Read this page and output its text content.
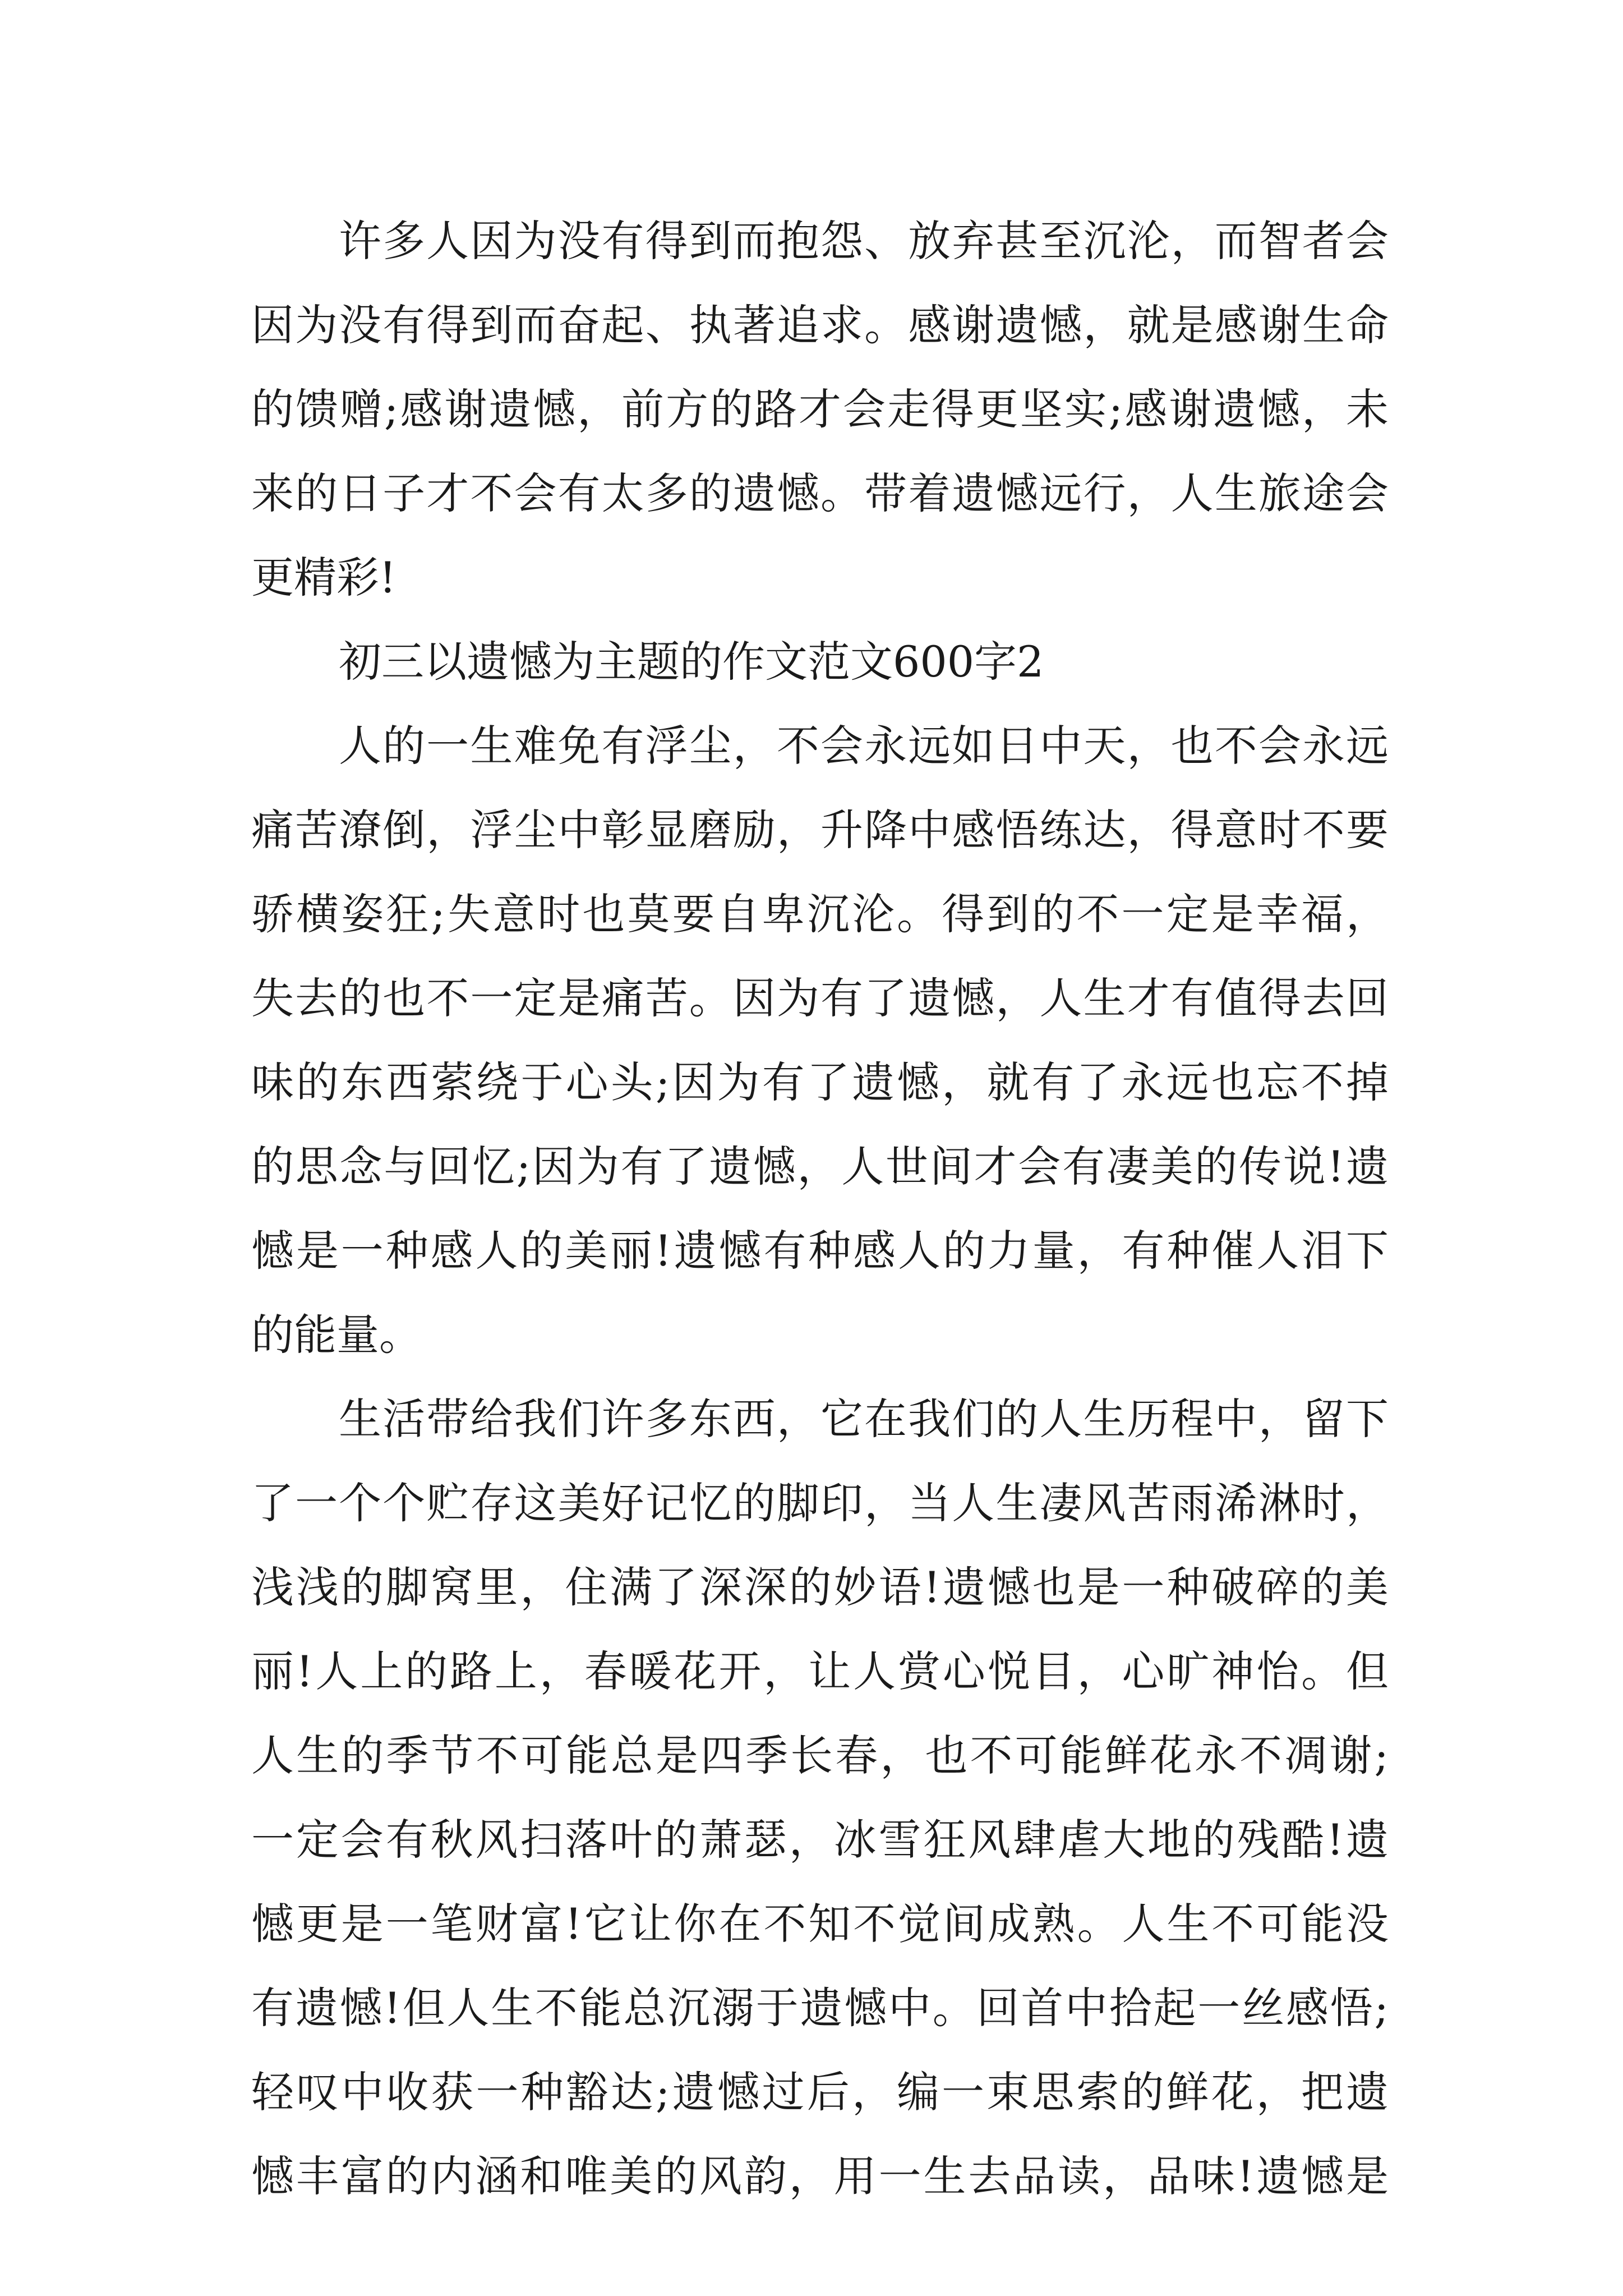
许多人因为没有得到而抱怨、放弃甚至沉沦，而智者会
因为没有得到而奋起、执著追求。感谢遗憾，就是感谢生命
的馈赠;感谢遗憾，前方的路才会走得更坚实;感谢遗憾，未
来的日子才不会有太多的遗憾。带着遗憾远行，人生旅途会
更精彩!
初三以遗憾为主题的作文范文600字2
人的一生难免有浮尘，不会永远如日中天，也不会永远
痛苦潦倒，浮尘中彰显磨励，升降中感悟练达，得意时不要
骄横姿狂;失意时也莫要自卑沉沦。得到的不一定是幸福，
失去的也不一定是痛苦。因为有了遗憾，人生才有值得去回
味的东西萦绕于心头;因为有了遗憾，就有了永远也忘不掉
的思念与回忆;因为有了遗憾，人世间才会有凄美的传说!遗
憾是一种感人的美丽!遗憾有种感人的力量，有种催人泪下
的能量。
生活带给我们许多东西，它在我们的人生历程中，留下
了一个个贮存这美好记忆的脚印，当人生凄风苦雨浠淋时，
浅浅的脚窝里，住满了深深的妙语!遗憾也是一种破碎的美
丽!人上的路上，春暖花开，让人赏心悦目，心旷神怡。但
人生的季节不可能总是四季长春，也不可能鲜花永不凋谢;
一定会有秋风扫落叶的萧瑟，冰雪狂风肆虐大地的残酷!遗
憾更是一笔财富!它让你在不知不觉间成熟。人生不可能没
有遗憾!但人生不能总沉溺于遗憾中。回首中拾起一丝感悟;
轻叹中收获一种豁达;遗憾过后，编一束思索的鲜花，把遗
憾丰富的内涵和唯美的风韵，用一生去品读，品味!遗憾是
